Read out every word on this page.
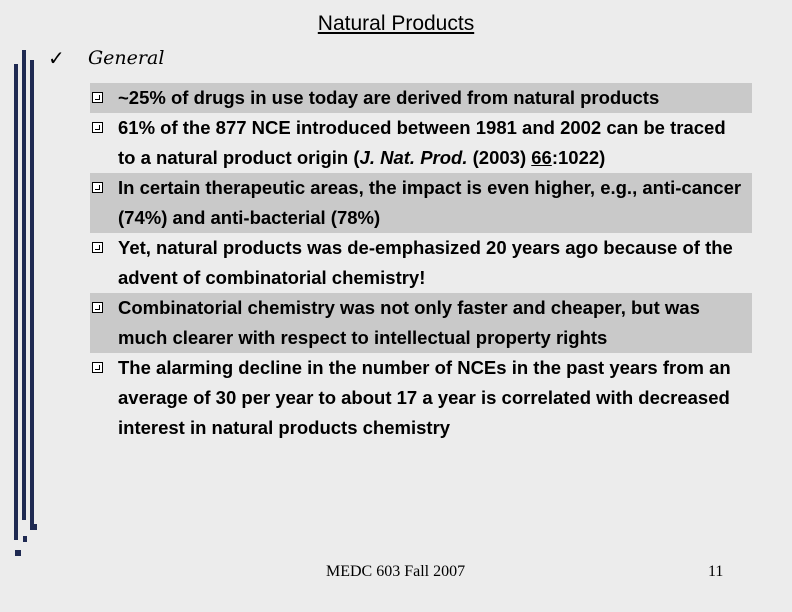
Natural Products
✓ General
~25% of drugs in use today are derived from natural products
61% of the 877 NCE introduced between 1981 and 2002 can be traced to a natural product origin (J. Nat. Prod. (2003) 66:1022)
In certain therapeutic areas, the impact is even higher, e.g., anti-cancer (74%) and anti-bacterial (78%)
Yet, natural products was de-emphasized 20 years ago because of the advent of combinatorial chemistry!
Combinatorial chemistry was not only faster and cheaper, but was much clearer with respect to intellectual property rights
The alarming decline in the number of NCEs in the past years from an average of 30 per year to about 17 a year is correlated with decreased interest in natural products chemistry
MEDC 603 Fall 2007	11
